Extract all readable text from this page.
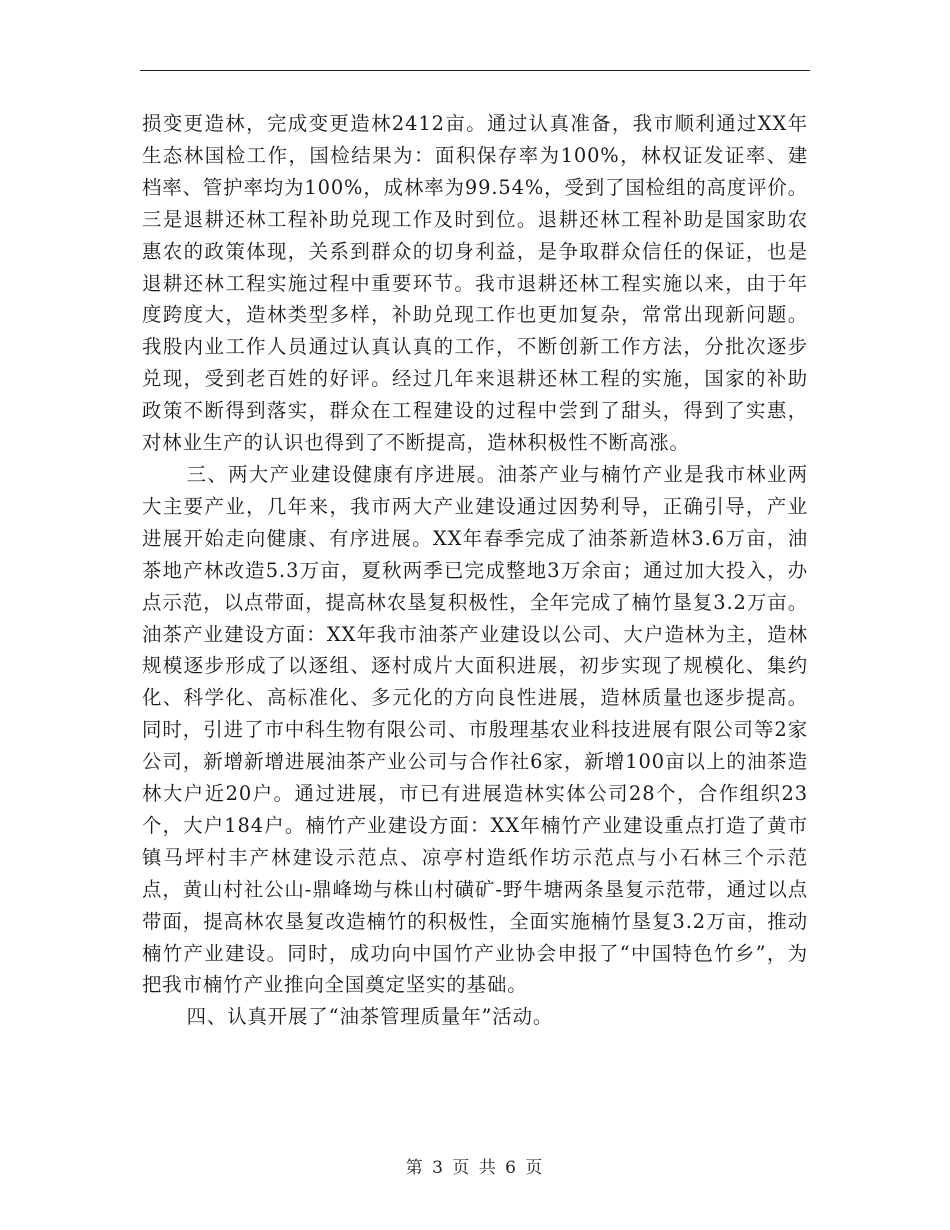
损变更造林，完成变更造林2412亩。通过认真准备，我市顺利通过XX年生态林国检工作，国检结果为：面积保存率为100%，林权证发证率、建档率、管护率均为100%，成林率为99.54%，受到了国检组的高度评价。三是退耕还林工程补助兑现工作及时到位。退耕还林工程补助是国家助农惠农的政策体现，关系到群众的切身利益，是争取群众信任的保证，也是退耕还林工程实施过程中重要环节。我市退耕还林工程实施以来，由于年度跨度大，造林类型多样，补助兑现工作也更加复杂，常常出现新问题。我股内业工作人员通过认真认真的工作，不断创新工作方法，分批次逐步兑现，受到老百姓的好评。经过几年来退耕还林工程的实施，国家的补助政策不断得到落实，群众在工程建设的过程中尝到了甜头，得到了实惠，对林业生产的认识也得到了不断提高，造林积极性不断高涨。

三、两大产业建设健康有序进展。油茶产业与楠竹产业是我市林业两大主要产业，几年来，我市两大产业建设通过因势利导，正确引导，产业进展开始走向健康、有序进展。XX年春季完成了油茶新造林3.6万亩，油茶地产林改造5.3万亩，夏秋两季已完成整地3万余亩；通过加大投入，办点示范，以点带面，提高林农垦复积极性，全年完成了楠竹垦复3.2万亩。油茶产业建设方面：XX年我市油茶产业建设以公司、大户造林为主，造林规模逐步形成了以逐组、逐村成片大面积进展，初步实现了规模化、集约化、科学化、高标准化、多元化的方向良性进展，造林质量也逐步提高。同时，引进了市中科生物有限公司、市殷理基农业科技进展有限公司等2家公司，新增新增进展油茶产业公司与合作社6家，新增100亩以上的油茶造林大户近20户。通过进展，市已有进展造林实体公司28个，合作组织23个，大户184户。楠竹产业建设方面：XX年楠竹产业建设重点打造了黄市镇马坪村丰产林建设示范点、凉亭村造纸作坊示范点与小石林三个示范点，黄山村社公山-鼎峰坳与株山村磺矿-野牛塘两条垦复示范带，通过以点带面，提高林农垦复改造楠竹的积极性，全面实施楠竹垦复3.2万亩，推动楠竹产业建设。同时，成功向中国竹产业协会申报了“中国特色竹乡”，为把我市楠竹产业推向全国奠定坚实的基础。

四、认真开展了“油茶管理质量年”活动。

第 3 页 共 6 页
